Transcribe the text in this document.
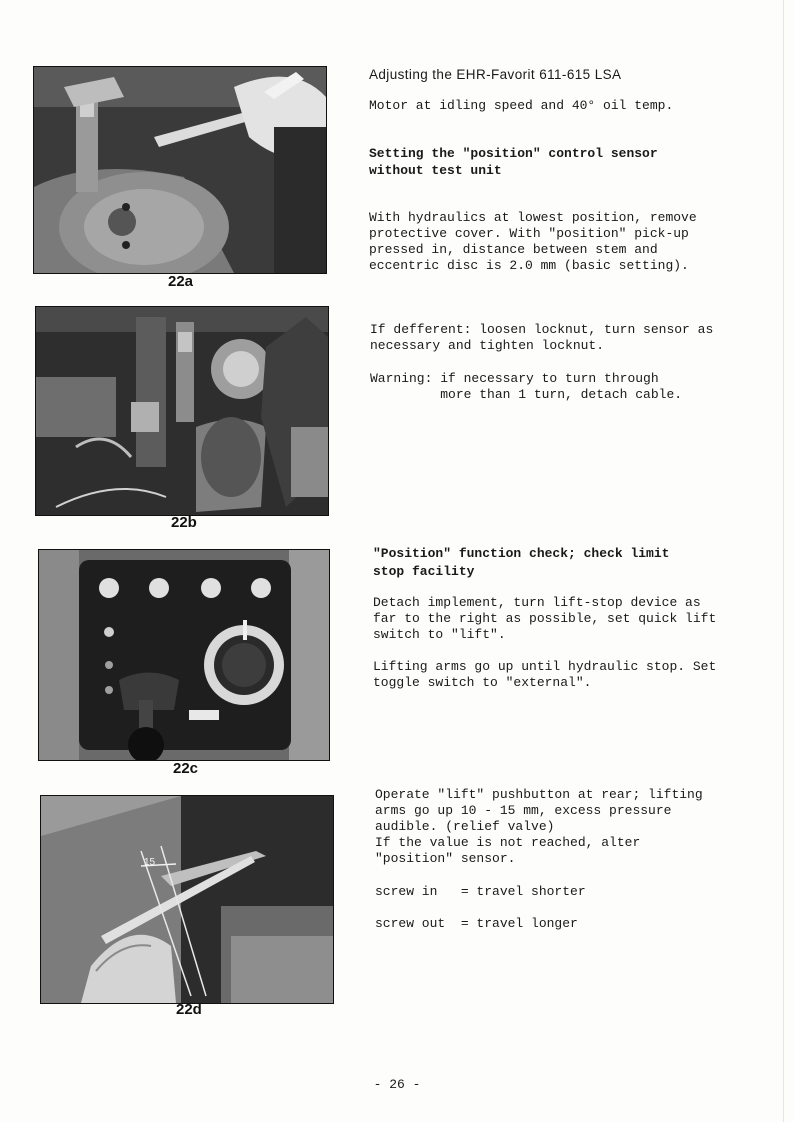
22a
22b
22c
15
22d
Adjusting the EHR-Favorit 611-615 LSA
Motor at idling speed and 40° oil temp.
Setting the "position" control sensor
without test unit
With hydraulics at lowest position, remove
protective cover. With "position" pick-up
pressed in, distance between stem and
eccentric disc is 2.0 mm (basic setting).
If defferent: loosen locknut, turn sensor as
necessary and tighten locknut.
Warning: if necessary to turn through
more than 1 turn, detach cable.
"Position" function check; check limit
stop facility
Detach implement, turn lift-stop device as
far to the right as possible, set quick lift
switch to "lift".
Lifting arms go up until hydraulic stop. Set
toggle switch to "external".
Operate "lift" pushbutton at rear; lifting
arms go up 10 - 15 mm, excess pressure
audible. (relief valve)
If the value is not reached, alter
"position" sensor.
screw in   = travel shorter
screw out  = travel longer
- 26 -
